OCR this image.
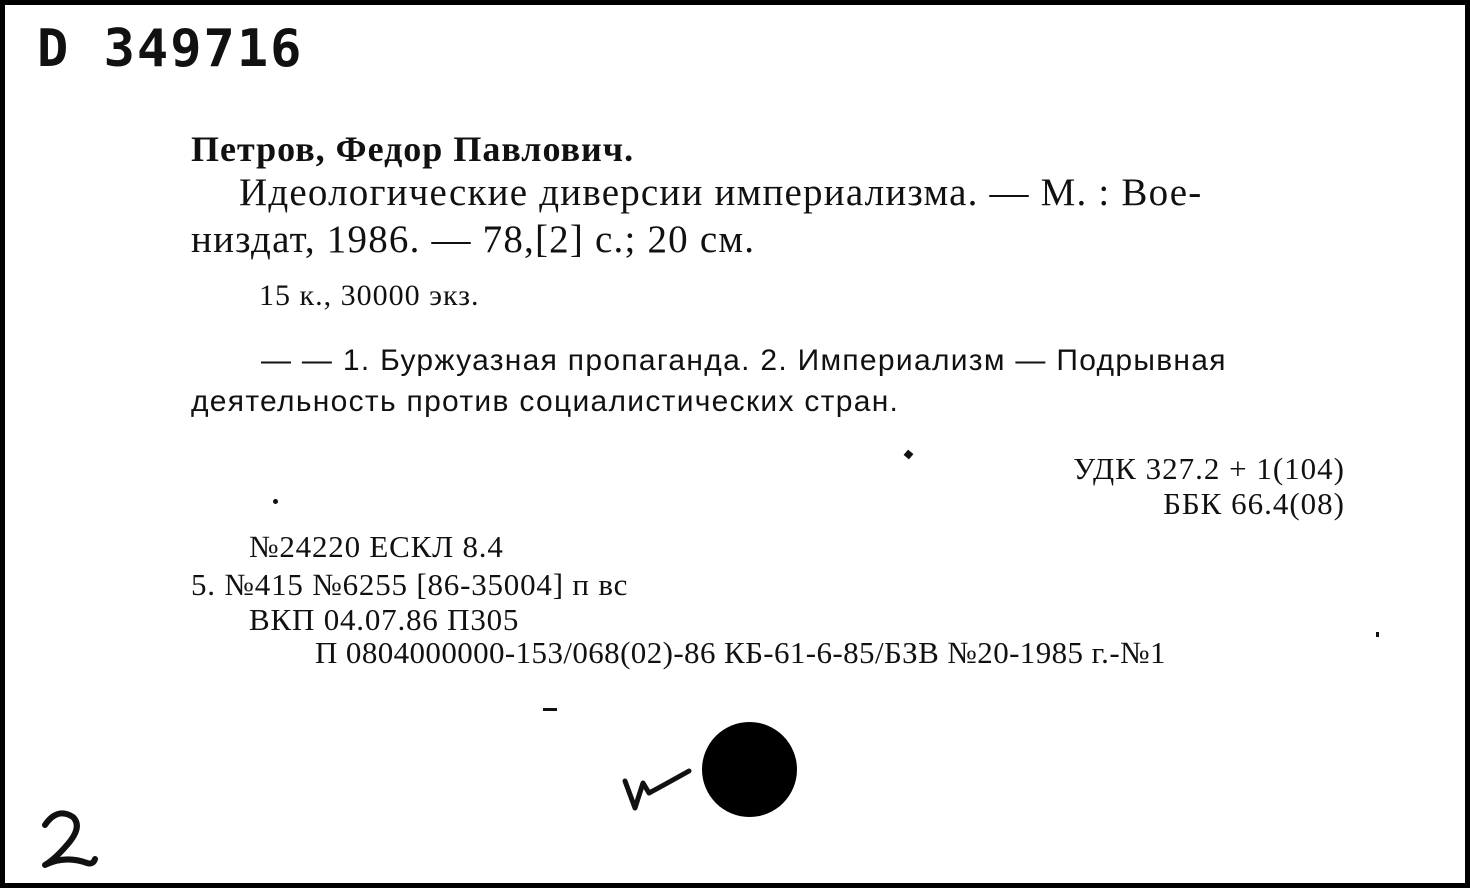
D 349716
Петров, Федор Павлович.
Идеологические диверсии империализма. — М. : Вое-
низдат, 1986. — 78,[2] с.; 20 см.
15 к., 30000 экз.
— — 1. Буржуазная пропаганда. 2. Империализм — Подрывная
деятельность против социалистических стран.
УДК 327.2 + 1(104)
ББК 66.4(08)
№24220 ЕСКЛ 8.4
5. №415 №6255 [86-35004] п вс
ВКП 04.07.86 П305
П 0804000000-153/068(02)-86 КБ-61-6-85/БЗВ №20-1985 г.-№1
